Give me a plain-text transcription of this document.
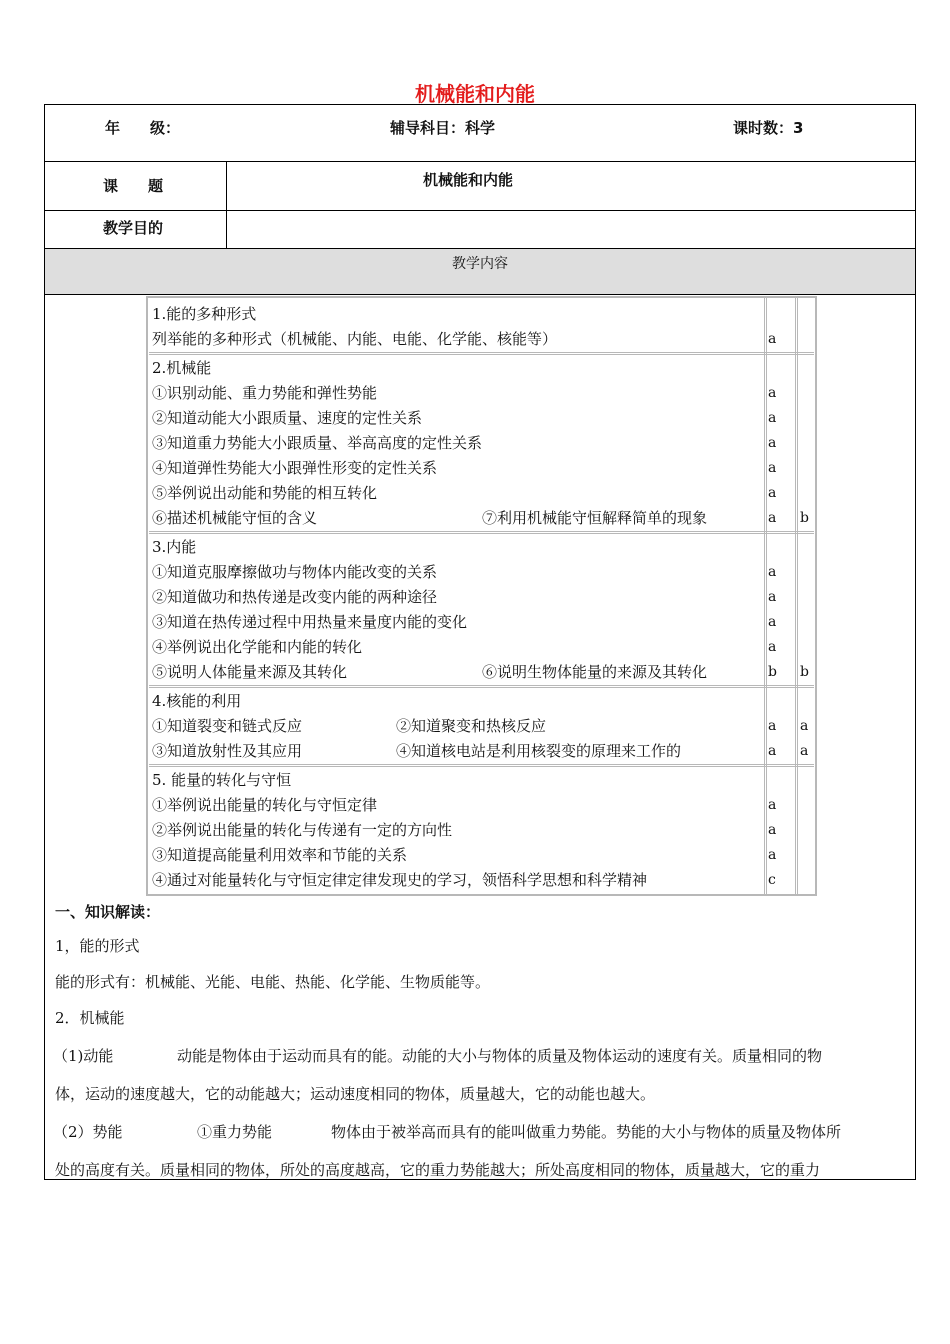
机械能和内能
年　　级：	辅导科目：科学	课时数：3
课　　题	机械能和内能
教学目的
教学内容
1.能的多种形式
列举能的多种形式（机械能、内能、电能、化学能、核能等）	a
2.机械能
①识别动能、重力势能和弹性势能	a
②知道动能大小跟质量、速度的定性关系	a
③知道重力势能大小跟质量、举高高度的定性关系	a
④知道弹性势能大小跟弹性形变的定性关系	a
⑤举例说出动能和势能的相互转化	a
⑥描述机械能守恒的含义	⑦利用机械能守恒解释简单的现象	a b
3.内能
①知道克服摩擦做功与物体内能改变的关系	a
②知道做功和热传递是改变内能的两种途径	a
③知道在热传递过程中用热量来量度内能的变化	a
④举例说出化学能和内能的转化	a
⑤说明人体能量来源及其转化	⑥说明生物体能量的来源及其转化	b b
4.核能的利用
①知道裂变和链式反应	②知道聚变和热核反应	a a
③知道放射性及其应用	④知道核电站是利用核裂变的原理来工作的	a a
5. 能量的转化与守恒
①举例说出能量的转化与守恒定律	a
②举例说出能量的转化与传递有一定的方向性	a
③知道提高能量利用效率和节能的关系	a
④通过对能量转化与守恒定律定律发现史的学习，领悟科学思想和科学精神	c
一、知识解读：
1，能的形式
能的形式有：机械能、光能、电能、热能、化学能、生物质能等。
2．机械能
（1)动能	动能是物体由于运动而具有的能。动能的大小与物体的质量及物体运动的速度有关。质量相同的物
体，运动的速度越大，它的动能越大；运动速度相同的物体，质量越大，它的动能也越大。
（2）势能	①重力势能	物体由于被举高而具有的能叫做重力势能。势能的大小与物体的质量及物体所
处的高度有关。质量相同的物体，所处的高度越高，它的重力势能越大；所处高度相同的物体，质量越大，它的重力
